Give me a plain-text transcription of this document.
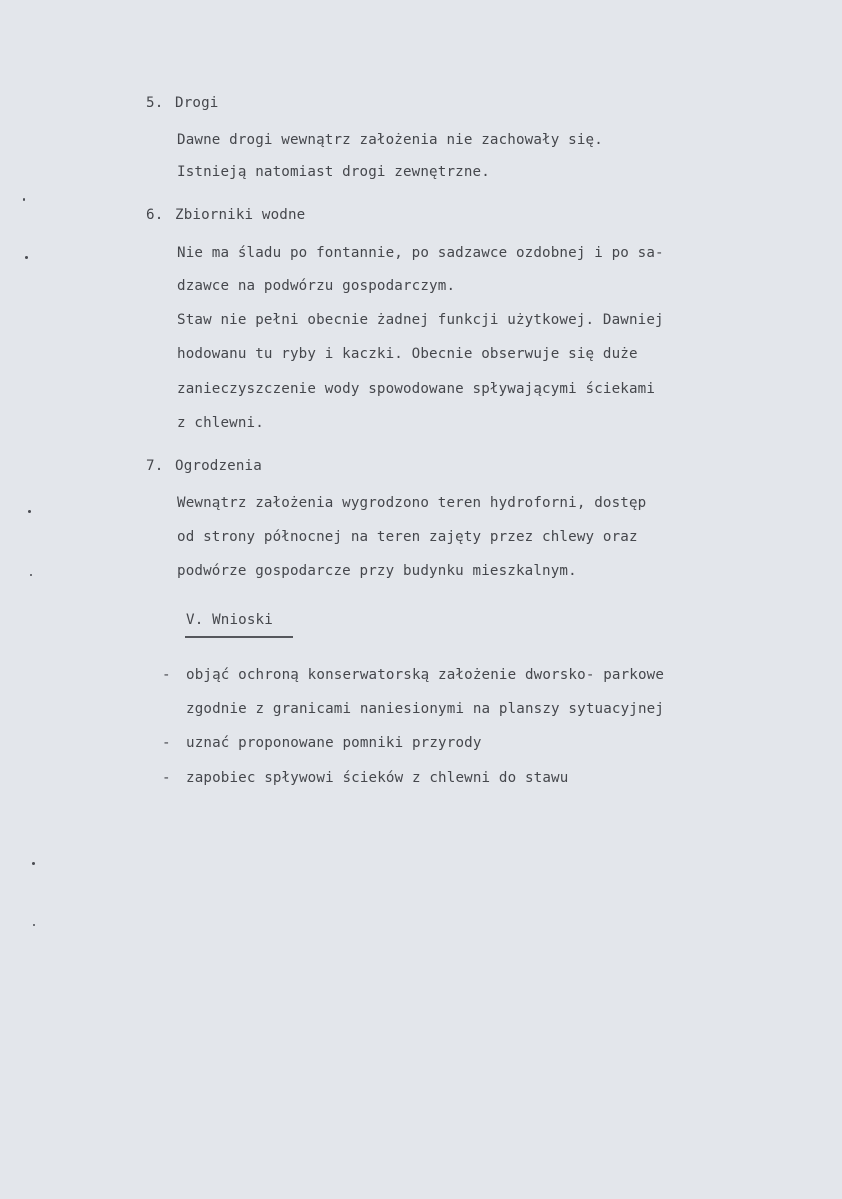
5. Drogi
Dawne drogi wewnątrz założenia nie zachowały się.
Istnieją natomiast drogi zewnętrzne.
6. Zbiorniki wodne
Nie ma śladu po fontannie, po sadzawce ozdobnej i po sa-
dzawce na podwórzu gospodarczym.
Staw nie pełni obecnie żadnej funkcji użytkowej. Dawniej
hodowanu tu ryby i kaczki. Obecnie obserwuje się duże
zanieczyszczenie wody spowodowane spływającymi ściekami
z chlewni.
7. Ogrodzenia
Wewnątrz założenia wygrodzono teren hydroforni, dostęp
od strony północnej na teren zajęty przez chlewy oraz
podwórze gospodarcze przy budynku mieszkalnym.
V. Wnioski
- objąć ochroną konserwatorską założenie dworsko- parkowe
zgodnie z granicami naniesionymi na planszy sytuacyjnej
- uznać proponowane pomniki przyrody
- zapobiec spływowi ścieków z chlewni do stawu
